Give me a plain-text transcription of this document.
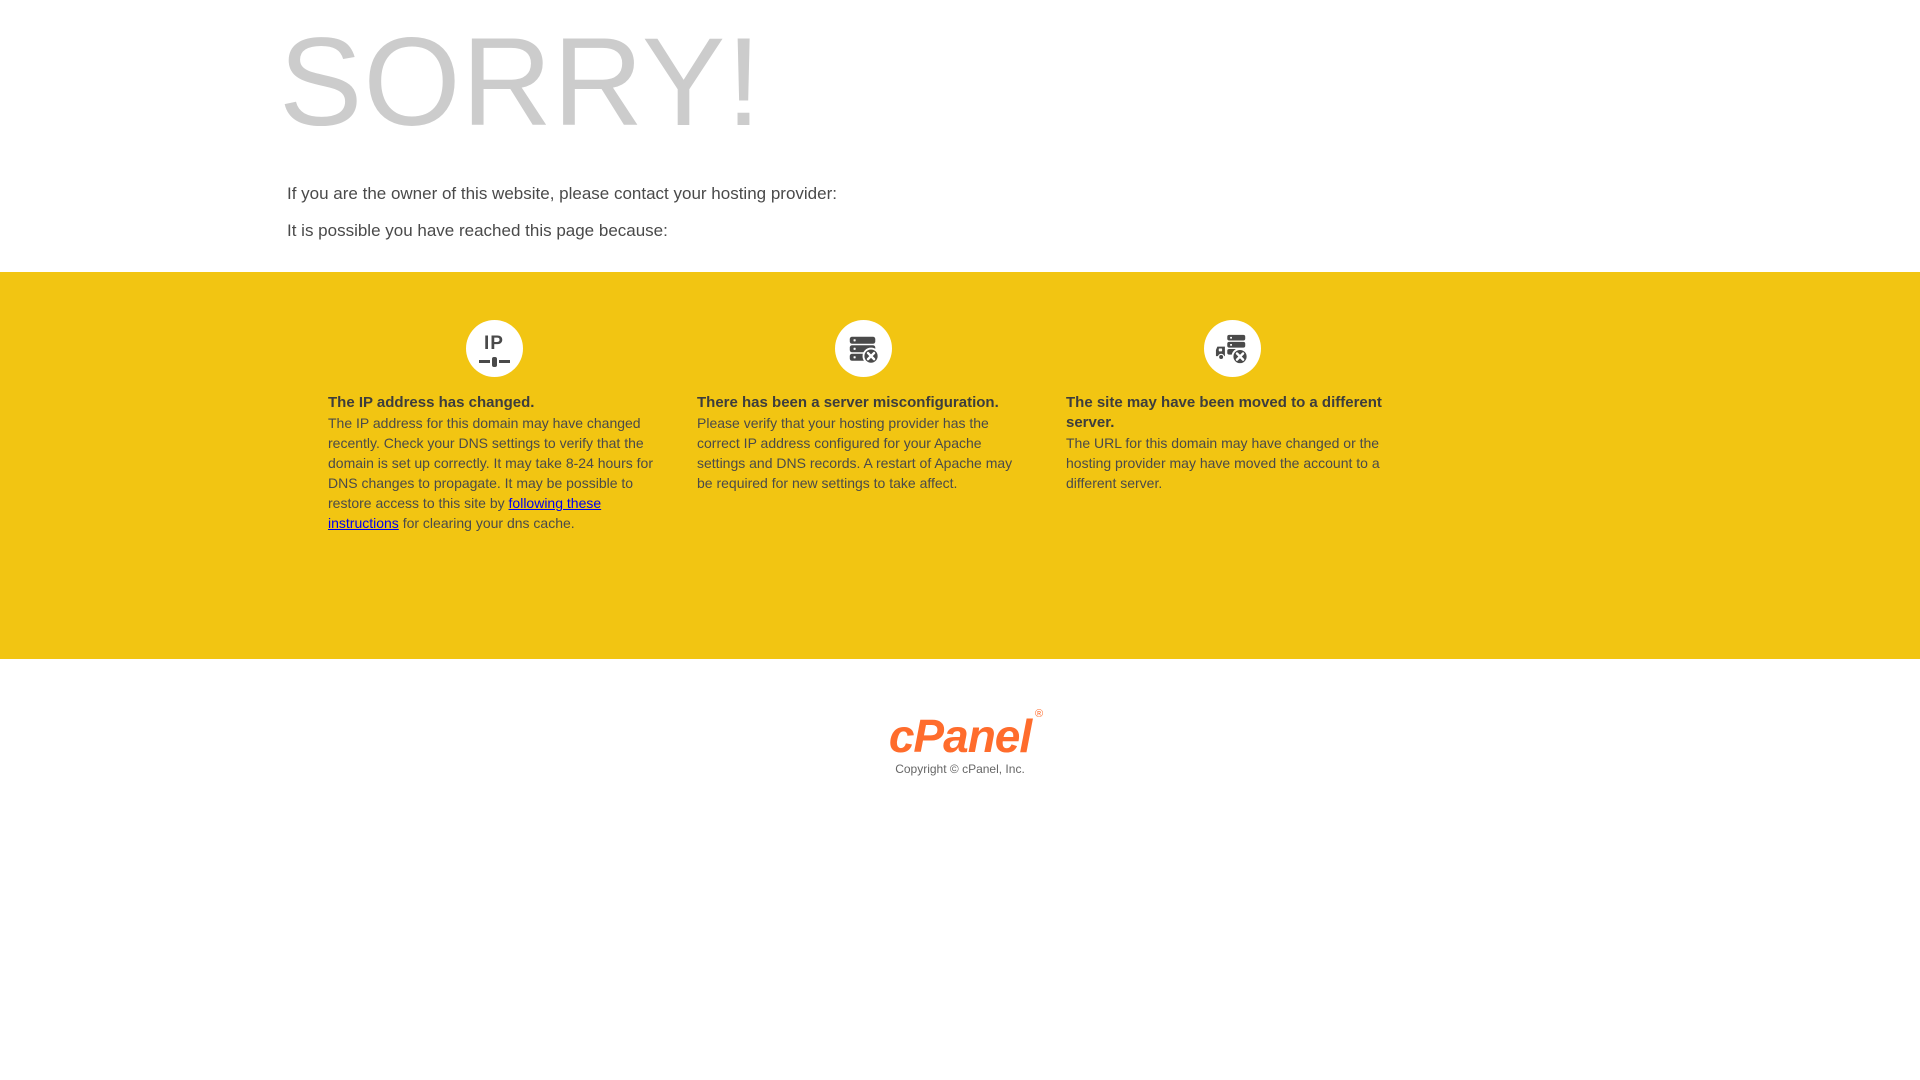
SORRY!

If you are the owner of this website, please contact your hosting provider:

It is possible you have reached this page because:

IP
The IP address has changed.

The IP address for this domain may have changed recently. Check your DNS settings to verify that the domain is set up correctly. It may take 8-24 hours for DNS changes to propagate. It may be possible to restore access to this site by following these instructions for clearing your dns cache.

There has been a server misconfiguration.

Please verify that your hosting provider has the correct IP address configured for your Apache settings and DNS records. A restart of Apache may be required for new settings to take affect.

The site may have been moved to a different server.

The URL for this domain may have changed or the hosting provider may have moved the account to a different server.

cPanel ®
Copyright © cPanel, Inc.
